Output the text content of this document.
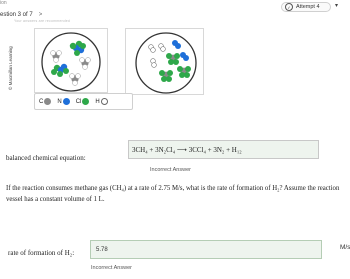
ion
estion 3 of 7 >
Your answers are recommended
✓ Attempt 4	▾
© Macmillan Learning
C N Cl H
balanced chemical equation:
3CH₄ + 3N₂Cl₄ ⟶ 3CCl₄ + 3N₂ + H₁₂
Incorrect Answer
If the reaction consumes methane gas (CH₄) at a rate of 2.75 M/s, what is the rate of formation of H₂? Assume the reaction vessel has a constant volume of 1 L.
rate of formation of H₂:	5.78	M/s
Incorrect Answer
